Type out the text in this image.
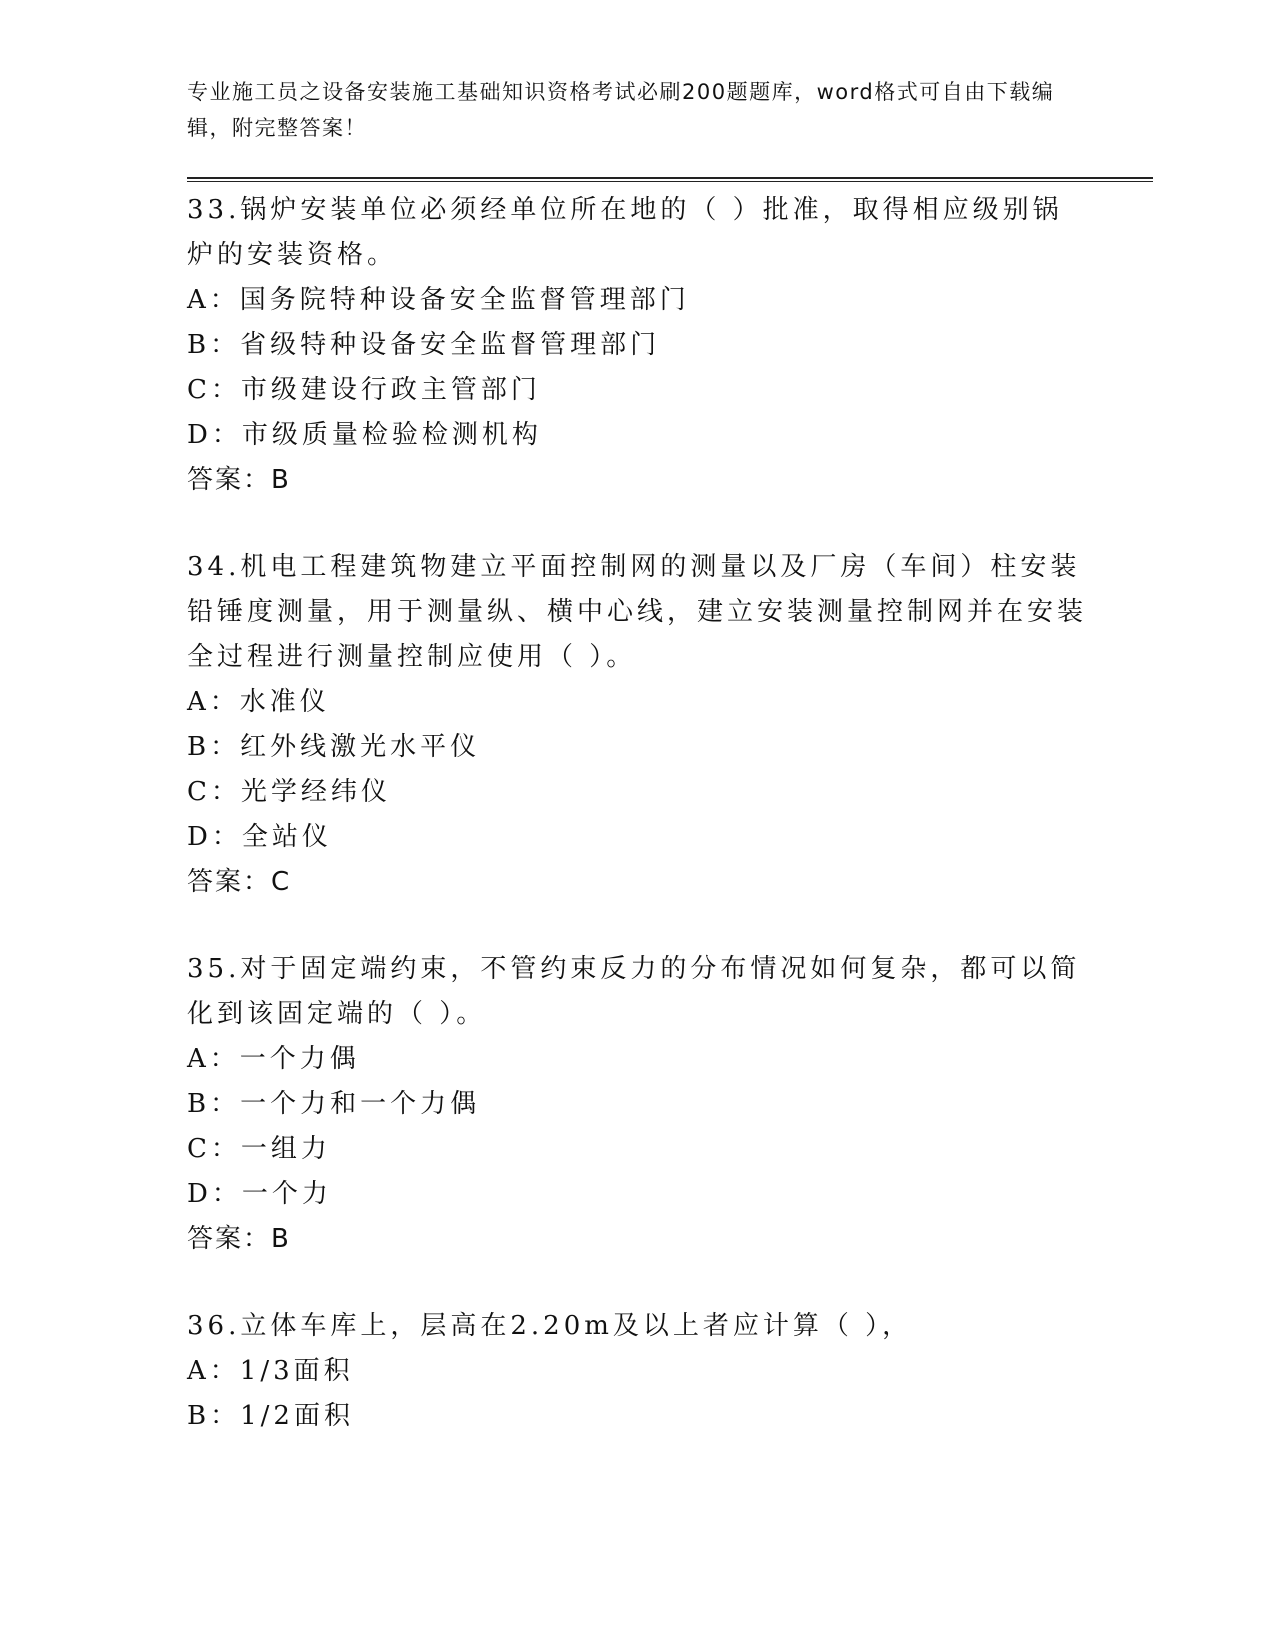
专业施工员之设备安装施工基础知识资格考试必刷200题题库，word格式可自由下载编辑，附完整答案！

33.锅炉安装单位必须经单位所在地的（ ）批准，取得相应级别锅炉的安装资格。

A：国务院特种设备安全监督管理部门

B：省级特种设备安全监督管理部门

C：市级建设行政主管部门

D：市级质量检验检测机构

答案：B

34.机电工程建筑物建立平面控制网的测量以及厂房（车间）柱安装铅锤度测量，用于测量纵、横中心线，建立安装测量控制网并在安装全过程进行测量控制应使用（ ）。

A：水准仪

B：红外线激光水平仪

C：光学经纬仪

D：全站仪

答案：C

35.对于固定端约束，不管约束反力的分布情况如何复杂，都可以简化到该固定端的（ ）。

A：一个力偶

B：一个力和一个力偶

C：一组力

D：一个力

答案：B

36.立体车库上，层高在2.20m及以上者应计算（ ），

A：1/3面积

B：1/2面积
